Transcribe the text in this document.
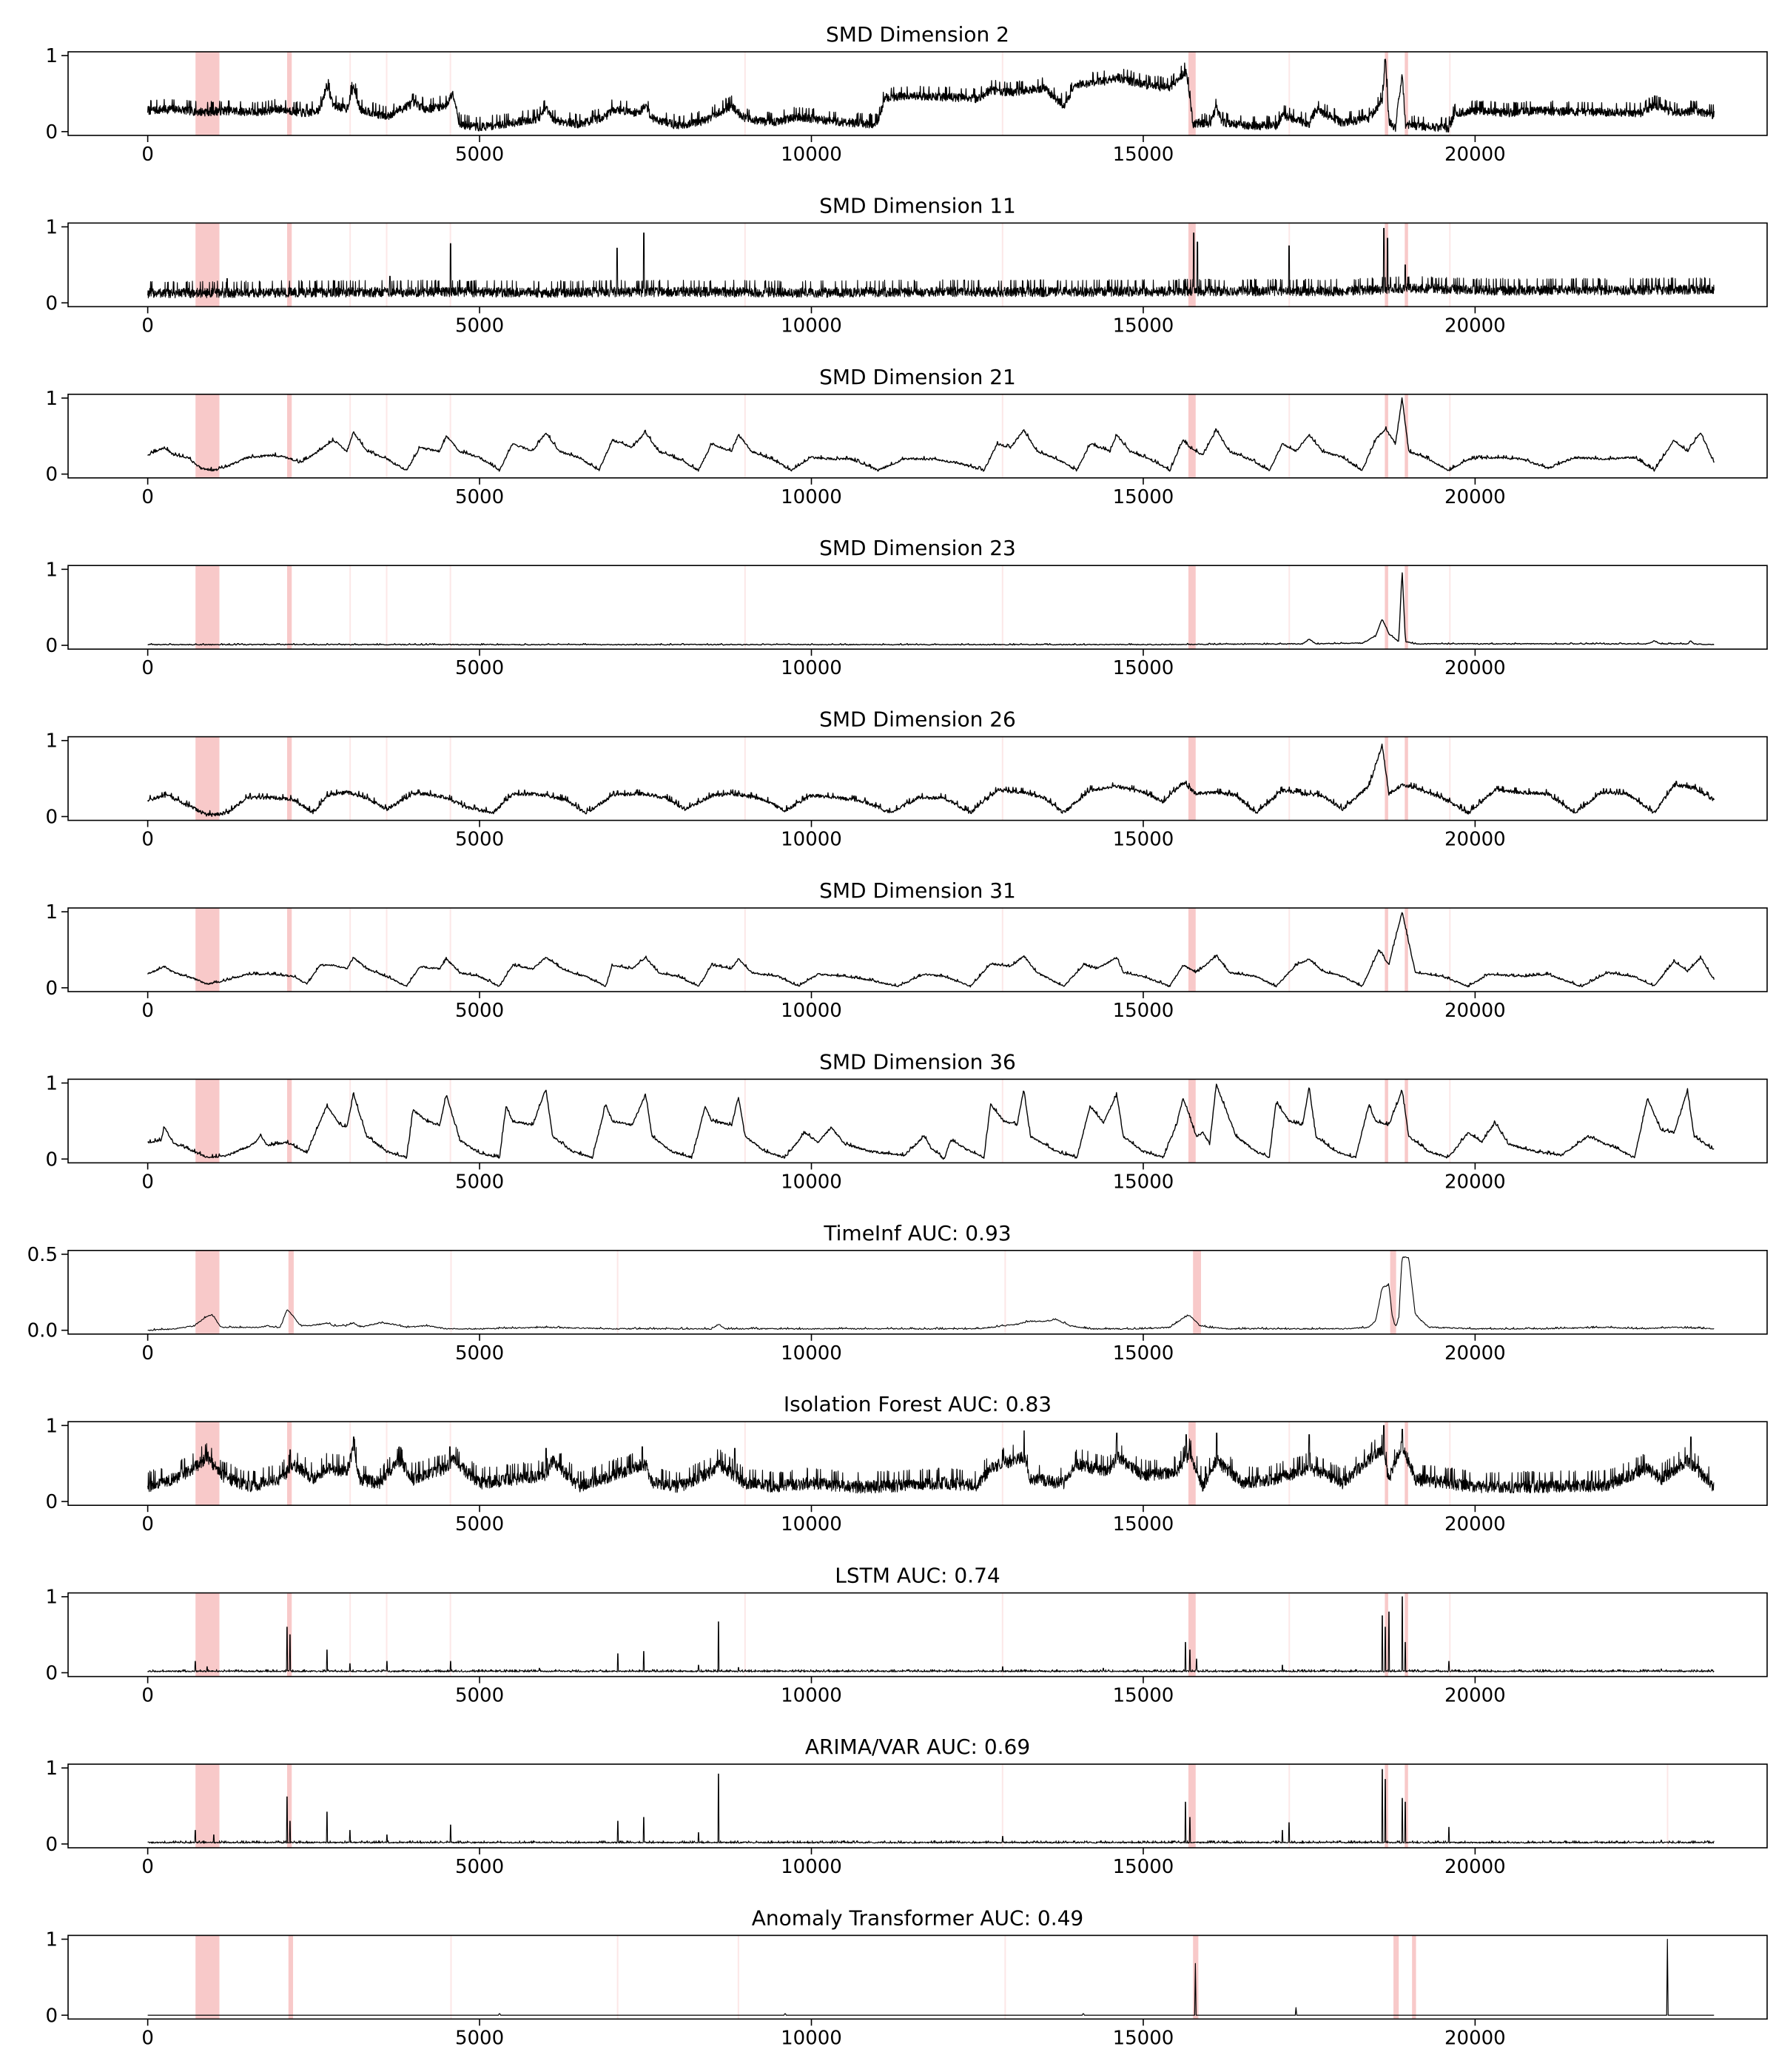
SMD Dimension 2
0	5000	10000	15000	20000
0
1
SMD Dimension 11
0	5000	10000	15000	20000
0
1
SMD Dimension 21
0	5000	10000	15000	20000
0
1
SMD Dimension 23
0	5000	10000	15000	20000
0
1
SMD Dimension 26
0	5000	10000	15000	20000
0
1
SMD Dimension 31
0	5000	10000	15000	20000
0
1
SMD Dimension 36
0	5000	10000	15000	20000
0
1
TimeInf AUC: 0.93
0	5000	10000	15000	20000
0.0
0.5
Isolation Forest AUC: 0.83
0	5000	10000	15000	20000
0
1
LSTM AUC: 0.74
0	5000	10000	15000	20000
0
1
ARIMA/VAR AUC: 0.69
0	5000	10000	15000	20000
0
1
Anomaly Transformer AUC: 0.49
0	5000	10000	15000	20000
0
1
